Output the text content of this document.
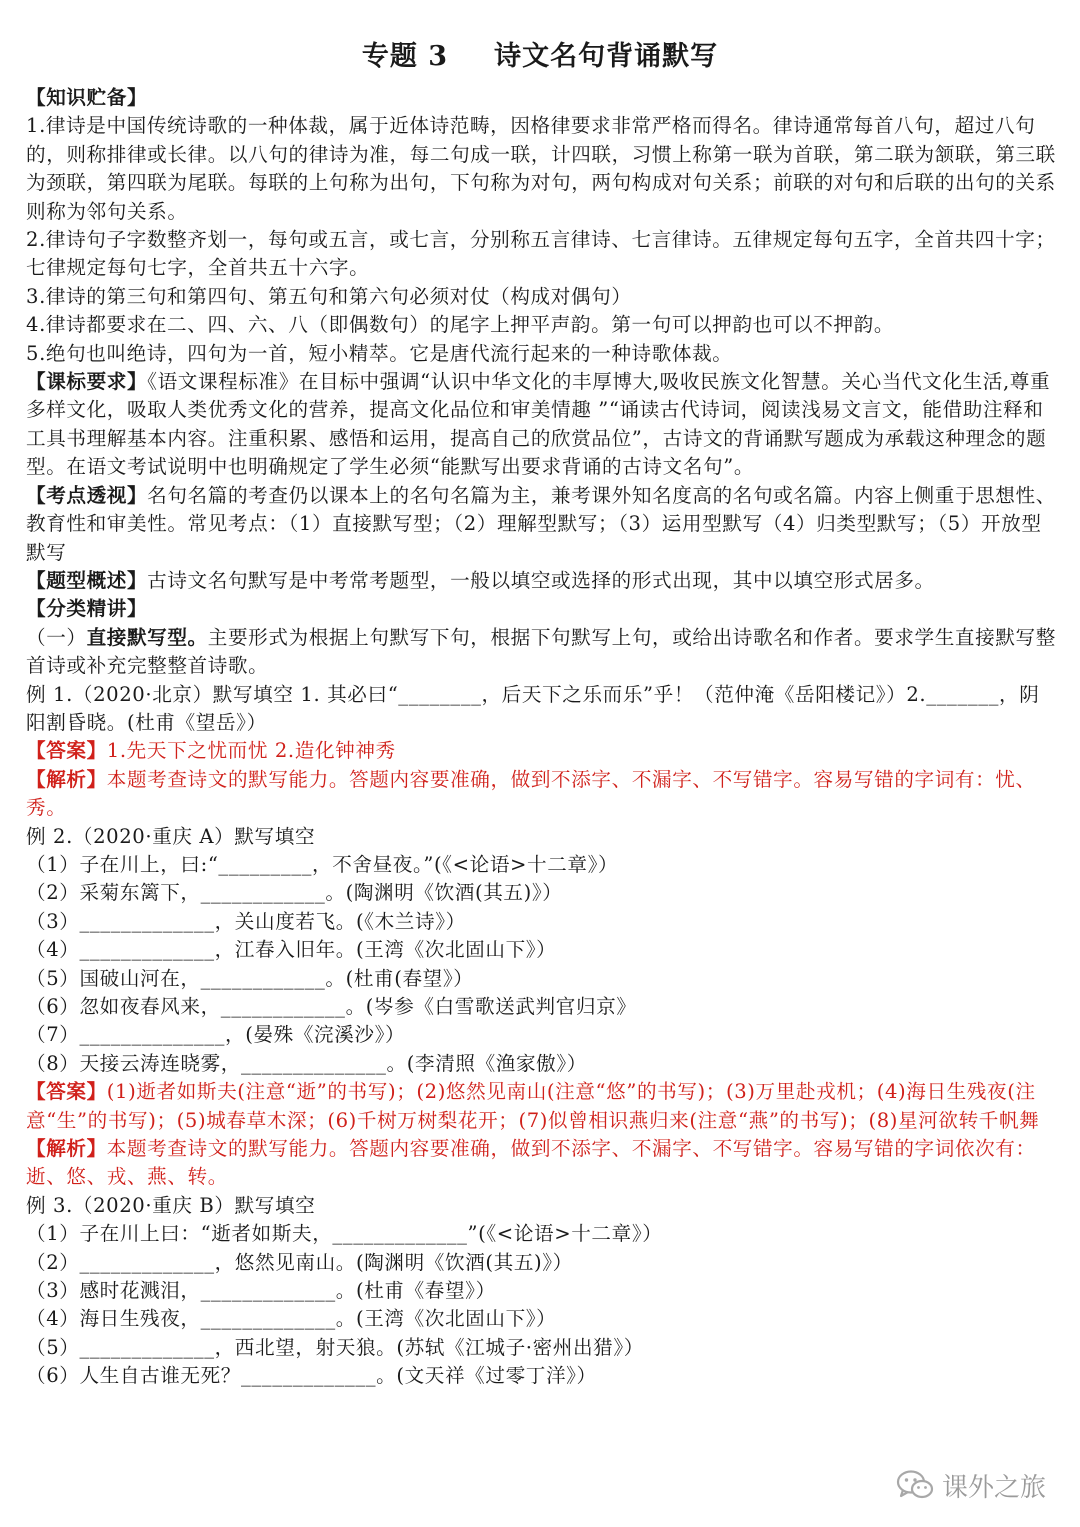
专题 3 诗文名句背诵默写

【知识贮备】

1.律诗是中国传统诗歌的一种体裁，属于近体诗范畴，因格律要求非常严格而得名。律诗通常每首八句，超过八句的，则称排律或长律。以八句的律诗为准，每二句成一联，计四联，习惯上称第一联为首联，第二联为颔联，第三联为颈联，第四联为尾联。每联的上句称为出句，下句称为对句，两句构成对句关系；前联的对句和后联的出句的关系则称为邻句关系。

2.律诗句子字数整齐划一，每句或五言，或七言，分别称五言律诗、七言律诗。五律规定每句五字，全首共四十字；七律规定每句七字，全首共五十六字。

3.律诗的第三句和第四句、第五句和第六句必须对仗（构成对偶句）

4.律诗都要求在二、四、六、八（即偶数句）的尾字上押平声韵。第一句可以押韵也可以不押韵。

5.绝句也叫绝诗，四句为一首，短小精萃。它是唐代流行起来的一种诗歌体裁。

【课标要求】《语文课程标准》在目标中强调“认识中华文化的丰厚博大,吸收民族文化智慧。关心当代文化生活,尊重多样文化，吸取人类优秀文化的营养，提高文化品位和审美情趣 ”“诵读古代诗词，阅读浅易文言文，能借助注释和工具书理解基本内容。注重积累、感悟和运用，提高自己的欣赏品位”，古诗文的背诵默写题成为承载这种理念的题型。在语文考试说明中也明确规定了学生必须“能默写出要求背诵的古诗文名句”。

【考点透视】名句名篇的考查仍以课本上的名句名篇为主，兼考课外知名度高的名句或名篇。内容上侧重于思想性、教育性和审美性。常见考点：（1）直接默写型；（2）理解型默写；（3）运用型默写（4）归类型默写；（5）开放型默写

【题型概述】古诗文名句默写是中考常考题型，一般以填空或选择的形式出现，其中以填空形式居多。

【分类精讲】

（一）直接默写型。主要形式为根据上句默写下句，根据下句默写上句，或给出诗歌名和作者。要求学生直接默写整首诗或补充完整整首诗歌。

例 1.（2020·北京）默写填空 1. 其必曰“________，后天下之乐而乐”乎！（范仲淹《岳阳楼记》）2._______，阴阳割昏晓。(杜甫《望岳》）

【答案】1.先天下之忧而忧 2.造化钟神秀

【解析】本题考查诗文的默写能力。答题内容要准确，做到不添字、不漏字、不写错字。容易写错的字词有：忧、秀。

例 2.（2020·重庆 A）默写填空

（1）子在川上，曰:“_________，不舍昼夜。”(《<论语>十二章》）

（2）采菊东篱下，____________。(陶渊明《饮酒(其五)》）

（3）_____________，关山度若飞。(《木兰诗》）

（4）_____________，江春入旧年。(王湾《次北固山下》）

（5）国破山河在，____________。(杜甫(春望》）

（6）忽如夜春风来，____________。(岑参《白雪歌送武判官归京》

（7）______________，(晏殊《浣溪沙》）

（8）天接云涛连晓雾，______________。(李清照《渔家傲》）

【答案】(1)逝者如斯夫(注意“逝”的书写)；(2)悠然见南山(注意“悠”的书写)；(3)万里赴戎机；(4)海日生残夜(注意“生”的书写)；(5)城春草木深；(6)千树万树梨花开；(7)似曾相识燕归来(注意“燕”的书写)；(8)星河欲转千帆舞

【解析】本题考查诗文的默写能力。答题内容要准确，做到不添字、不漏字、不写错字。容易写错的字词依次有：逝、悠、戎、燕、转。

例 3.（2020·重庆 B）默写填空

（1）子在川上曰：“逝者如斯夫，_____________”(《<论语>十二章》）

（2）_____________，悠然见南山。(陶渊明《饮酒(其五)》）

（3）感时花溅泪，_____________。(杜甫《春望》）

（4）海日生残夜，_____________。(王湾《次北固山下》）

（5）_____________，西北望，射天狼。(苏轼《江城子·密州出猎》）

（6）人生自古谁无死？_____________。(文天祥《过零丁洋》）

课外之旅
